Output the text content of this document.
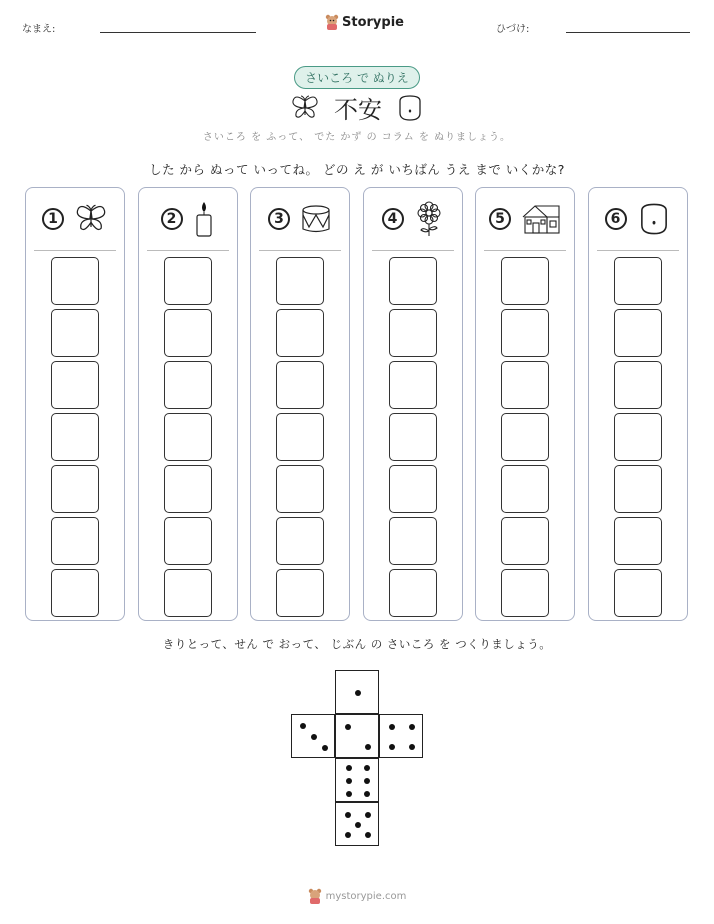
なまえ:	Storypie	ひづけ:
さいころ で ぬりえ
不安
さいころ を ふって、 でた かず の コラム を ぬりましょう。
した から ぬって いってね。 どの え が いちばん うえ まで いくかな?
1	2	3	4	5	6
きりとって、せん で おって、 じぶん の さいころ を つくりましょう。
mystorypie.com
